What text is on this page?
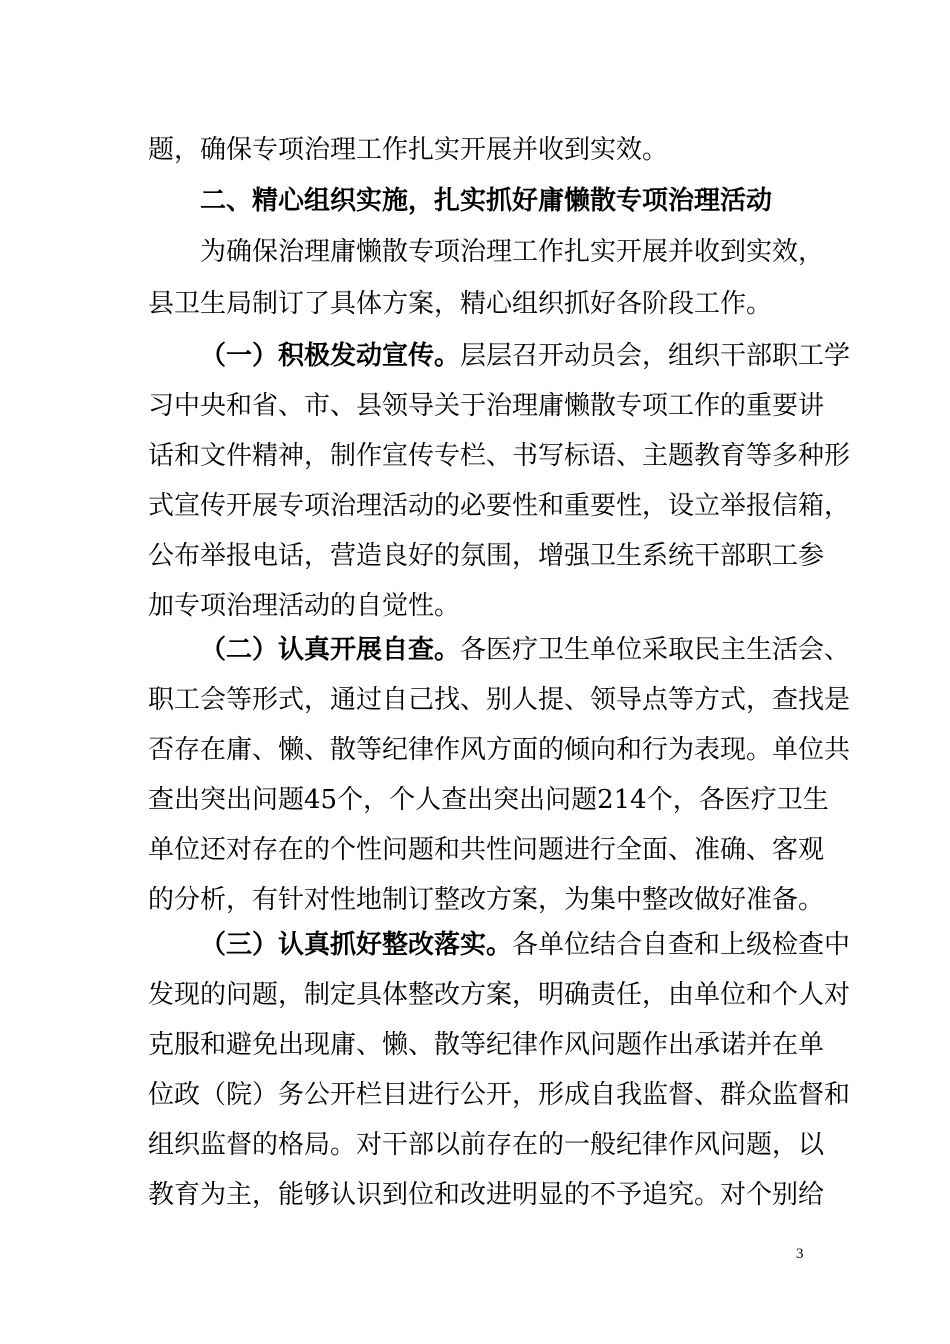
题，确保专项治理工作扎实开展并收到实效。
二、精心组织实施，扎实抓好庸懒散专项治理活动
为确保治理庸懒散专项治理工作扎实开展并收到实效，
县卫生局制订了具体方案，精心组织抓好各阶段工作。
（一）积极发动宣传。层层召开动员会，组织干部职工学
习中央和省、市、县领导关于治理庸懒散专项工作的重要讲
话和文件精神，制作宣传专栏、书写标语、主题教育等多种形
式宣传开展专项治理活动的必要性和重要性，设立举报信箱，
公布举报电话，营造良好的氛围，增强卫生系统干部职工参
加专项治理活动的自觉性。
（二）认真开展自查。各医疗卫生单位采取民主生活会、
职工会等形式，通过自己找、别人提、领导点等方式，查找是
否存在庸、懒、散等纪律作风方面的倾向和行为表现。单位共
查出突出问题45个，个人查出突出问题214个，各医疗卫生
单位还对存在的个性问题和共性问题进行全面、准确、客观
的分析，有针对性地制订整改方案，为集中整改做好准备。
（三）认真抓好整改落实。各单位结合自查和上级检查中
发现的问题，制定具体整改方案，明确责任，由单位和个人对
克服和避免出现庸、懒、散等纪律作风问题作出承诺并在单
位政（院）务公开栏目进行公开，形成自我监督、群众监督和
组织监督的格局。对干部以前存在的一般纪律作风问题，以
教育为主，能够认识到位和改进明显的不予追究。对个别给
3
